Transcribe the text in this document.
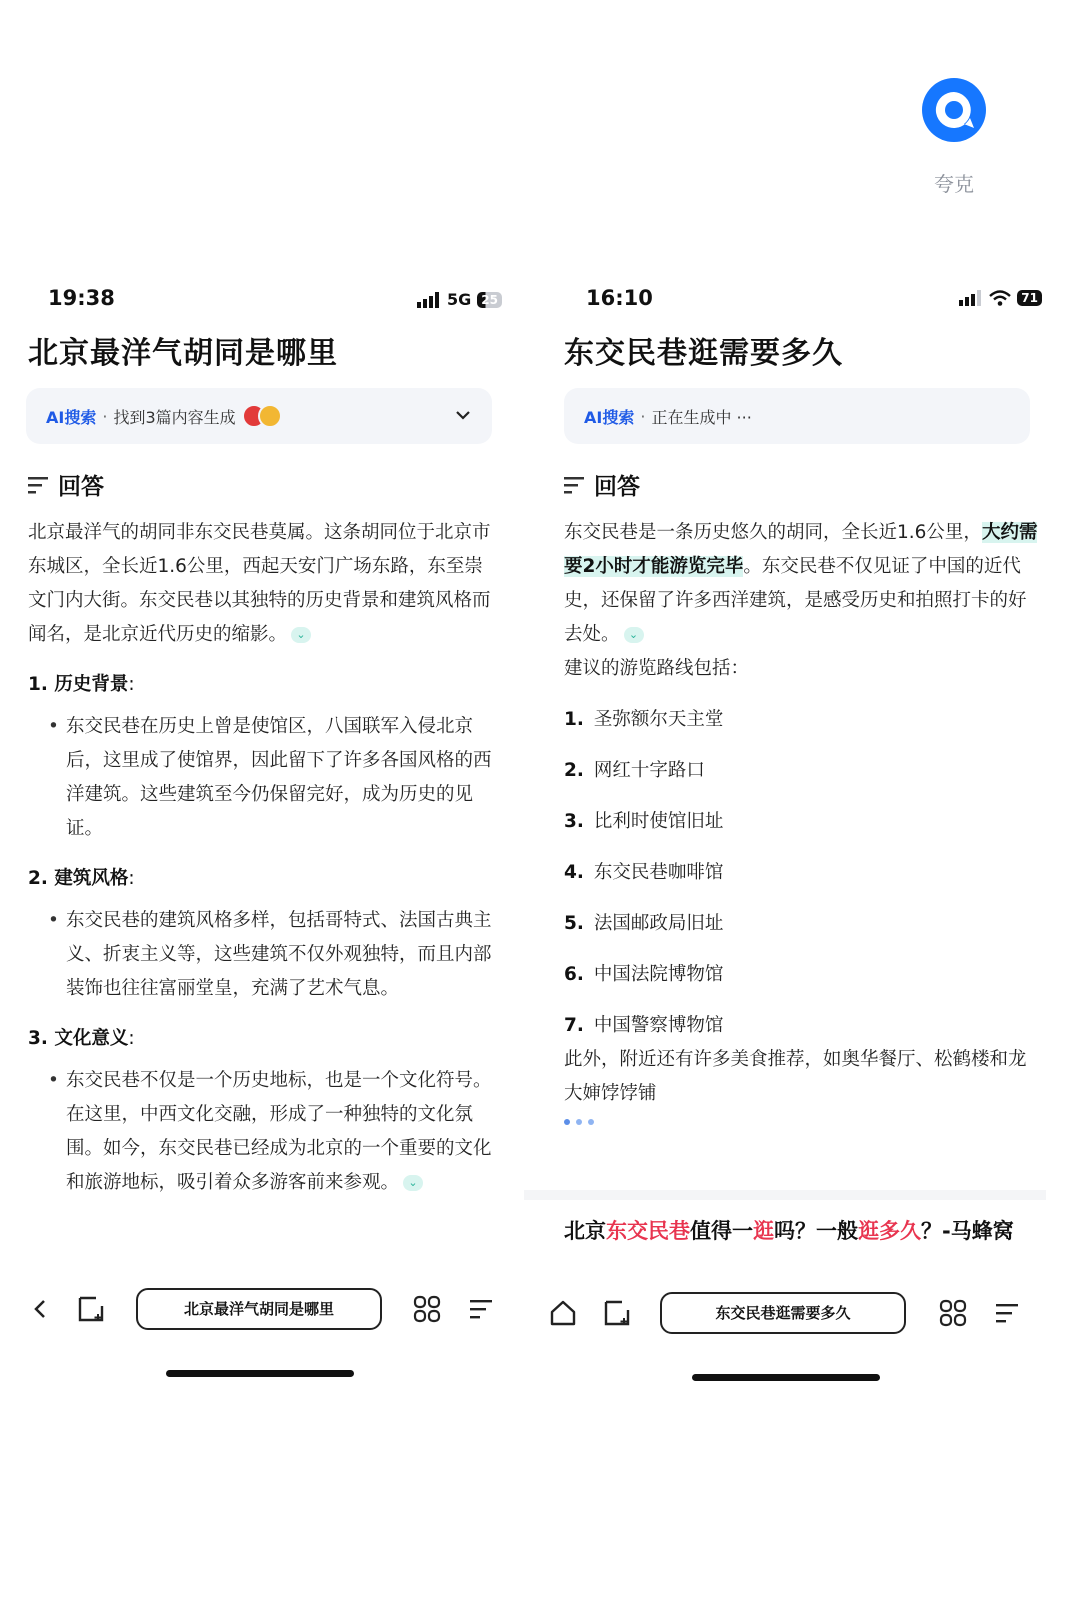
夸克
19:38	5G 25
北京最洋气胡同是哪里
AI搜索 · 找到3篇内容生成
回答

北京最洋气的胡同非东交民巷莫属。这条胡同位于北京市东城区，全长近1.6公里，西起天安门广场东路，东至崇文门内大街。东交民巷以其独特的历史背景和建筑风格而闻名，是北京近代历史的缩影。 ⌄

1. 历史背景:
• 东交民巷在历史上曾是使馆区，八国联军入侵北京后，这里成了使馆界，因此留下了许多各国风格的西洋建筑。这些建筑至今仍保留完好，成为历史的见证。
2. 建筑风格:
• 东交民巷的建筑风格多样，包括哥特式、法国古典主义、折衷主义等，这些建筑不仅外观独特，而且内部装饰也往往富丽堂皇，充满了艺术气息。
3. 文化意义:
• 东交民巷不仅是一个历史地标，也是一个文化符号。在这里，中西文化交融，形成了一种独特的文化氛围。如今，东交民巷已经成为北京的一个重要的文化和旅游地标，吸引着众多游客前来参观。 ⌄
北京最洋气胡同是哪里
16:10	71
东交民巷逛需要多久
AI搜索 · 正在生成中 ···
回答

东交民巷是一条历史悠久的胡同，全长近1.6公里，大约需要2小时才能游览完毕。东交民巷不仅见证了中国的近代史，还保留了许多西洋建筑，是感受历史和拍照打卡的好去处。 ⌄

建议的游览路线包括：

1. 圣弥额尔天主堂
2. 网红十字路口
3. 比利时使馆旧址
4. 东交民巷咖啡馆
5. 法国邮政局旧址
6. 中国法院博物馆
7. 中国警察博物馆

此外，附近还有许多美食推荐，如奥华餐厅、松鹤楼和龙大婶饽饽铺

北京东交民巷值得一逛吗？一般逛多久？-马蜂窝
东交民巷逛需要多久
